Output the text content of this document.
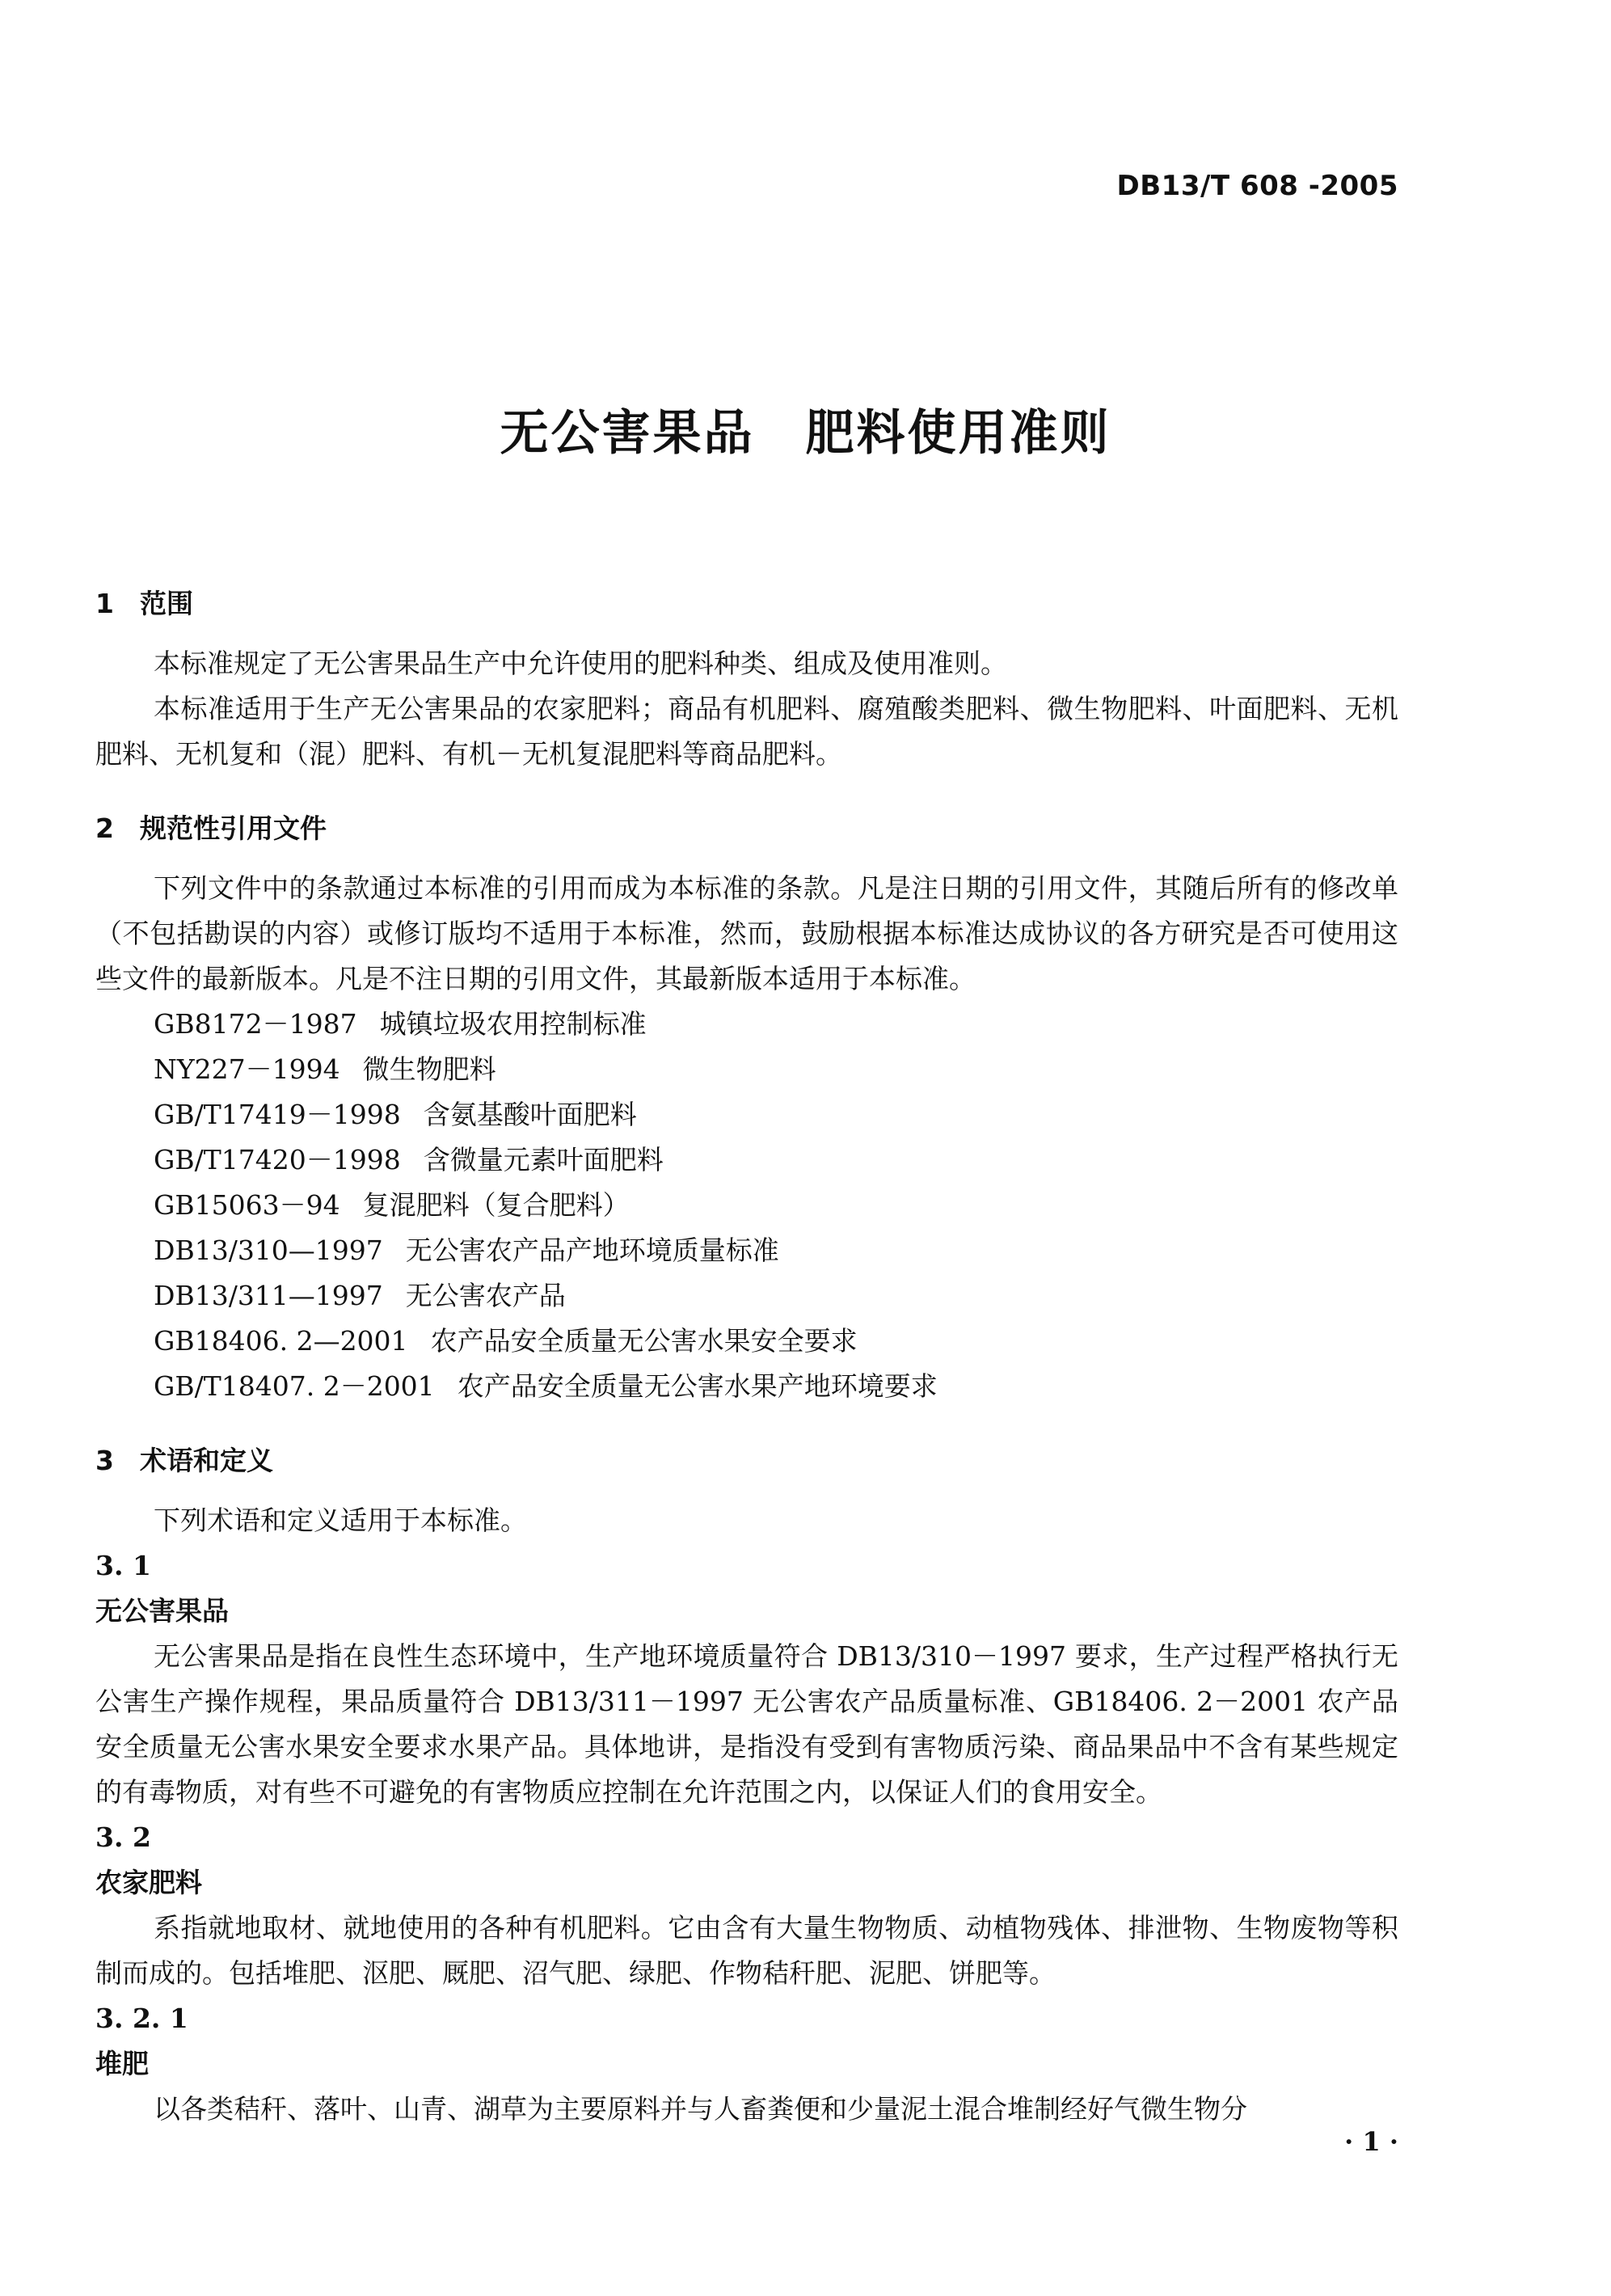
DB13/T 608 -2005
无公害果品　肥料使用准则
1 范围

本标准规定了无公害果品生产中允许使用的肥料种类、组成及使用准则。

本标准适用于生产无公害果品的农家肥料；商品有机肥料、腐殖酸类肥料、微生物肥料、叶面肥料、无机肥料、无机复和（混）肥料、有机－无机复混肥料等商品肥料。

2 规范性引用文件

下列文件中的条款通过本标准的引用而成为本标准的条款。凡是注日期的引用文件，其随后所有的修改单（不包括勘误的内容）或修订版均不适用于本标准，然而，鼓励根据本标准达成协议的各方研究是否可使用这些文件的最新版本。凡是不注日期的引用文件，其最新版本适用于本标准。

GB8172－1987 城镇垃圾农用控制标准
NY227－1994 微生物肥料
GB/T17419－1998 含氨基酸叶面肥料
GB/T17420－1998 含微量元素叶面肥料
GB15063－94 复混肥料（复合肥料）
DB13/310—1997 无公害农产品产地环境质量标准
DB13/311—1997 无公害农产品
GB18406. 2—2001 农产品安全质量无公害水果安全要求
GB/T18407. 2－2001 农产品安全质量无公害水果产地环境要求
3 术语和定义

下列术语和定义适用于本标准。

3. 1
无公害果品

无公害果品是指在良性生态环境中，生产地环境质量符合 DB13/310－1997 要求，生产过程严格执行无公害生产操作规程，果品质量符合 DB13/311－1997 无公害农产品质量标准、GB18406. 2－2001 农产品安全质量无公害水果安全要求水果产品。具体地讲，是指没有受到有害物质污染、商品果品中不含有某些规定的有毒物质，对有些不可避免的有害物质应控制在允许范围之内，以保证人们的食用安全。

3. 2
农家肥料

系指就地取材、就地使用的各种有机肥料。它由含有大量生物物质、动植物残体、排泄物、生物废物等积制而成的。包括堆肥、沤肥、厩肥、沼气肥、绿肥、作物秸秆肥、泥肥、饼肥等。

3. 2. 1
堆肥

以各类秸秆、落叶、山青、湖草为主要原料并与人畜粪便和少量泥土混合堆制经好气微生物分

· 1 ·
